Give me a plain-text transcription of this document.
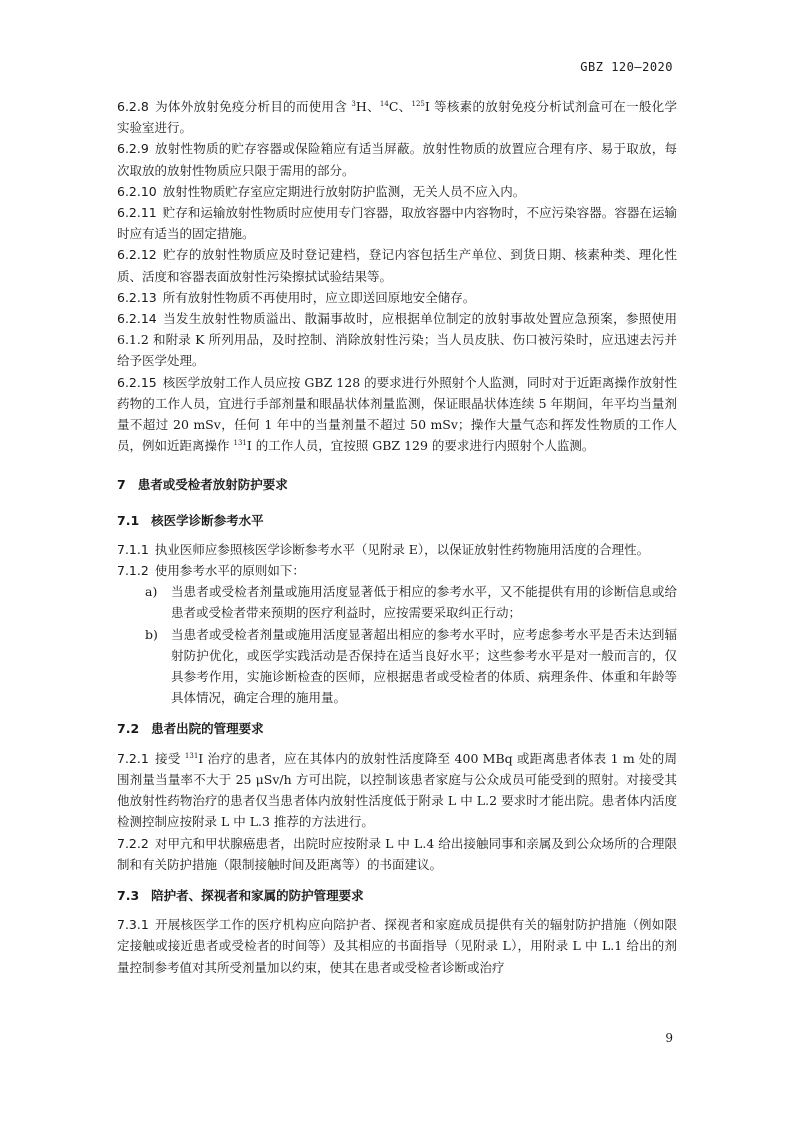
GBZ 120—2020

6.2.8 为体外放射免疫分析目的而使用含 $^3$H、$^{14}$C、$^{125}$I 等核素的放射免疫分析试剂盒可在一般化学实验室进行。

6.2.9 放射性物质的贮存容器或保险箱应有适当屏蔽。放射性物质的放置应合理有序、易于取放，每次取放的放射性物质应只限于需用的部分。

6.2.10 放射性物质贮存室应定期进行放射防护监测，无关人员不应入内。

6.2.11 贮存和运输放射性物质时应使用专门容器，取放容器中内容物时，不应污染容器。容器在运输时应有适当的固定措施。

6.2.12 贮存的放射性物质应及时登记建档，登记内容包括生产单位、到货日期、核素种类、理化性质、活度和容器表面放射性污染擦拭试验结果等。

6.2.13 所有放射性物质不再使用时，应立即送回原地安全储存。

6.2.14 当发生放射性物质溢出、散漏事故时，应根据单位制定的放射事故处置应急预案，参照使用 6.1.2 和附录 K 所列用品，及时控制、消除放射性污染；当人员皮肤、伤口被污染时，应迅速去污并给予医学处理。

6.2.15 核医学放射工作人员应按 GBZ 128 的要求进行外照射个人监测，同时对于近距离操作放射性药物的工作人员，宜进行手部剂量和眼晶状体剂量监测，保证眼晶状体连续 5 年期间，年平均当量剂量不超过 20 mSv，任何 1 年中的当量剂量不超过 50 mSv；操作大量气态和挥发性物质的工作人员，例如近距离操作 $^{131}$I 的工作人员，宜按照 GBZ 129 的要求进行内照射个人监测。

7 患者或受检者放射防护要求
7.1 核医学诊断参考水平

7.1.1 执业医师应参照核医学诊断参考水平（见附录 E），以保证放射性药物施用活度的合理性。

7.1.2 使用参考水平的原则如下：

a)	当患者或受检者剂量或施用活度显著低于相应的参考水平，又不能提供有用的诊断信息或给患者或受检者带来预期的医疗利益时，应按需要采取纠正行动；
b)	当患者或受检者剂量或施用活度显著超出相应的参考水平时，应考虑参考水平是否未达到辐射防护优化，或医学实践活动是否保持在适当良好水平；这些参考水平是对一般而言的，仅具参考作用，实施诊断检查的医师，应根据患者或受检者的体质、病理条件、体重和年龄等具体情况，确定合理的施用量。
7.2 患者出院的管理要求

7.2.1 接受 $^{131}$I 治疗的患者，应在其体内的放射性活度降至 400 MBq 或距离患者体表 1 m 处的周围剂量当量率不大于 25 μSv/h 方可出院，以控制该患者家庭与公众成员可能受到的照射。对接受其他放射性药物治疗的患者仅当患者体内放射性活度低于附录 L 中 L.2 要求时才能出院。患者体内活度检测控制应按附录 L 中 L.3 推荐的方法进行。

7.2.2 对甲亢和甲状腺癌患者，出院时应按附录 L 中 L.4 给出接触同事和亲属及到公众场所的合理限制和有关防护措施（限制接触时间及距离等）的书面建议。

7.3 陪护者、探视者和家属的防护管理要求

7.3.1 开展核医学工作的医疗机构应向陪护者、探视者和家庭成员提供有关的辐射防护措施（例如限定接触或接近患者或受检者的时间等）及其相应的书面指导（见附录 L），用附录 L 中 L.1 给出的剂量控制参考值对其所受剂量加以约束，使其在患者或受检者诊断或治疗

9
